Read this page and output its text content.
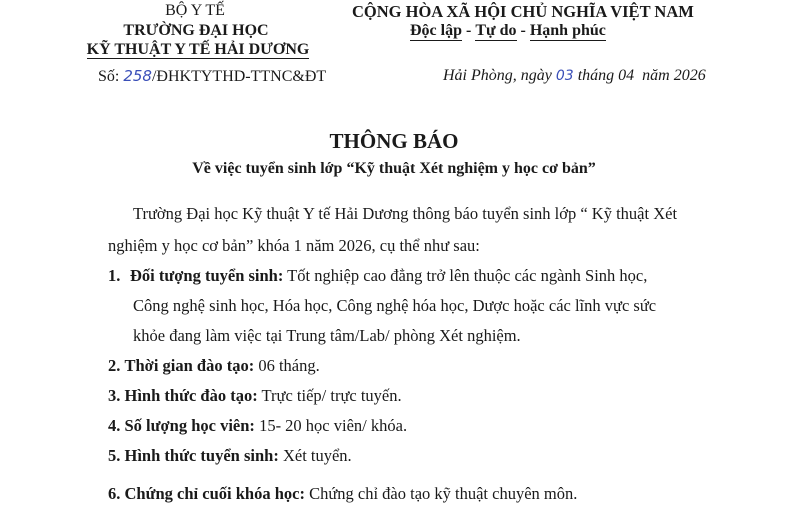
BỘ Y TẾ
TRƯỜNG ĐẠI HỌC
KỸ THUẬT Y TẾ HẢI DƯƠNG
Số: 258/ĐHKTYTHD-TTNC&ĐT
CỘNG HÒA XÃ HỘI CHỦ NGHĨA VIỆT NAM
Độc lập - Tự do - Hạnh phúc
Hải Phòng, ngày 03 tháng 04  năm 2026
THÔNG BÁO
Về việc tuyển sinh lớp “Kỹ thuật Xét nghiệm y học cơ bản”
Trường Đại học Kỹ thuật Y tế Hải Dương thông báo tuyển sinh lớp “ Kỹ thuật Xét
nghiệm y học cơ bản” khóa 1 năm 2026, cụ thể như sau:
1. Đối tượng tuyển sinh: Tốt nghiệp cao đẳng trở lên thuộc các ngành Sinh học,
Công nghệ sinh học, Hóa học, Công nghệ hóa học, Dược hoặc các lĩnh vực sức
khỏe đang làm việc tại Trung tâm/Lab/ phòng Xét nghiệm.
2. Thời gian đào tạo: 06 tháng.
3. Hình thức đào tạo: Trực tiếp/ trực tuyến.
4. Số lượng học viên: 15- 20 học viên/ khóa.
5. Hình thức tuyển sinh: Xét tuyển.
6. Chứng chỉ cuối khóa học: Chứng chỉ đào tạo kỹ thuật chuyên môn.
